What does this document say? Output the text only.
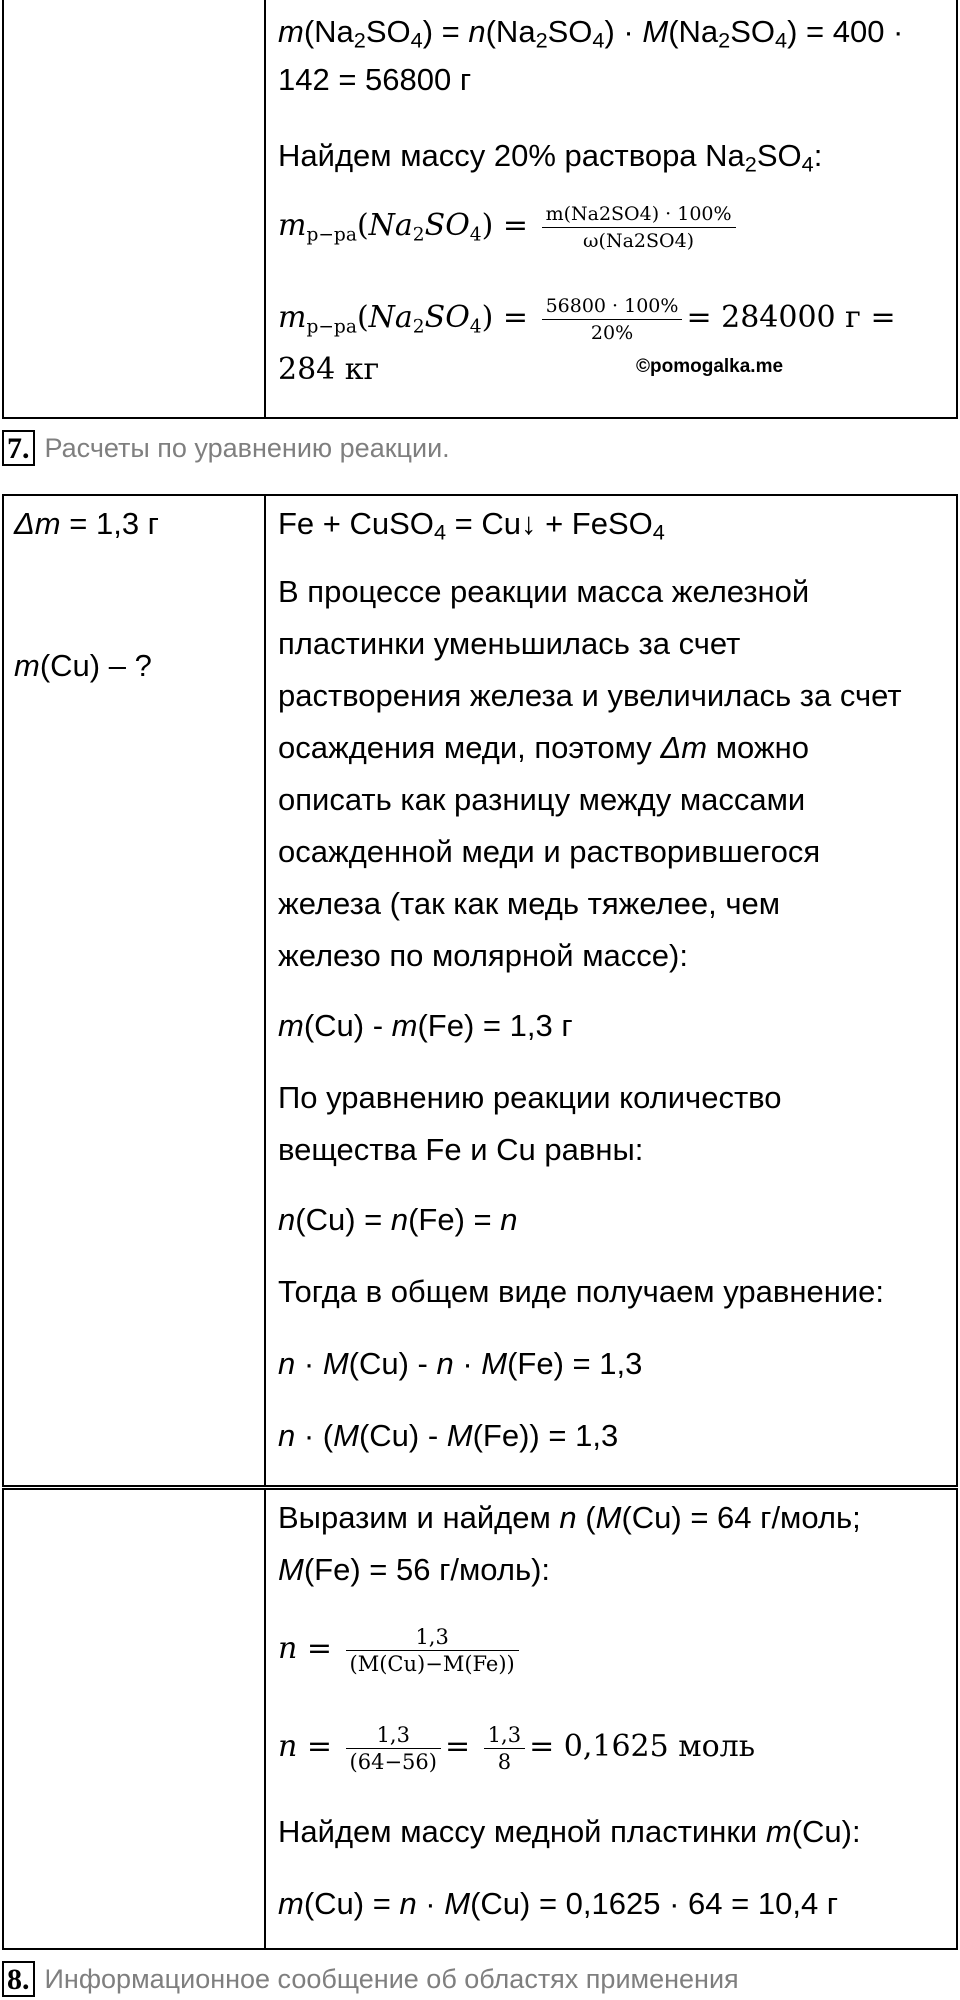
$m(Na_2SO_4) = n(Na_2SO_4) \cdot M(Na_2SO_4) = 400$ ·
142 = 56800 г
Найдем массу 20% раствора $Na_2SO_4$:
$mр-ра(Na2SO4) = \frac{m(Na2SO4) \cdot 100\%}{\omega(Na2SO4)}$
$mр-ра(Na2SO4) = \frac{56800 \cdot 100\%}{20\%} = 284000$ г =
284 кг	©pomogalka.me
7. Расчеты по уравнению реакции.
Δm = 1,3 г
m(Cu) – ?
Fe + CuSO$_4$ = Cu↓ + FeSO$_4$
В процессе реакции масса железной
пластинки уменьшилась за счет
растворения железа и увеличилась за счет
осаждения меди, поэтому Δm можно
описать как разницу между массами
осажденной меди и растворившегося
железа (так как медь тяжелее, чем
железо по молярной массе):
m(Cu) - m(Fe) = 1,3 г
По уравнению реакции количество
вещества Fe и Cu равны:
n(Cu) = n(Fe) = n
Тогда в общем виде получаем уравнение:
n · M(Cu) - n · M(Fe) = 1,3
n · (M(Cu) - M(Fe)) = 1,3
Выразим и найдем n (M(Cu) = 64 г/моль;
M(Fe) = 56 г/моль):
$n = \frac{1,3}{(M(Cu)-M(Fe))}$
$n = \frac{1,3}{(64-56)} = \frac{1,3}{8} = 0,1625$ моль
Найдем массу медной пластинки m(Cu):
m(Cu) = n · M(Cu) = 0,1625 · 64 = 10,4 г
8. Информационное сообщение об областях применения
